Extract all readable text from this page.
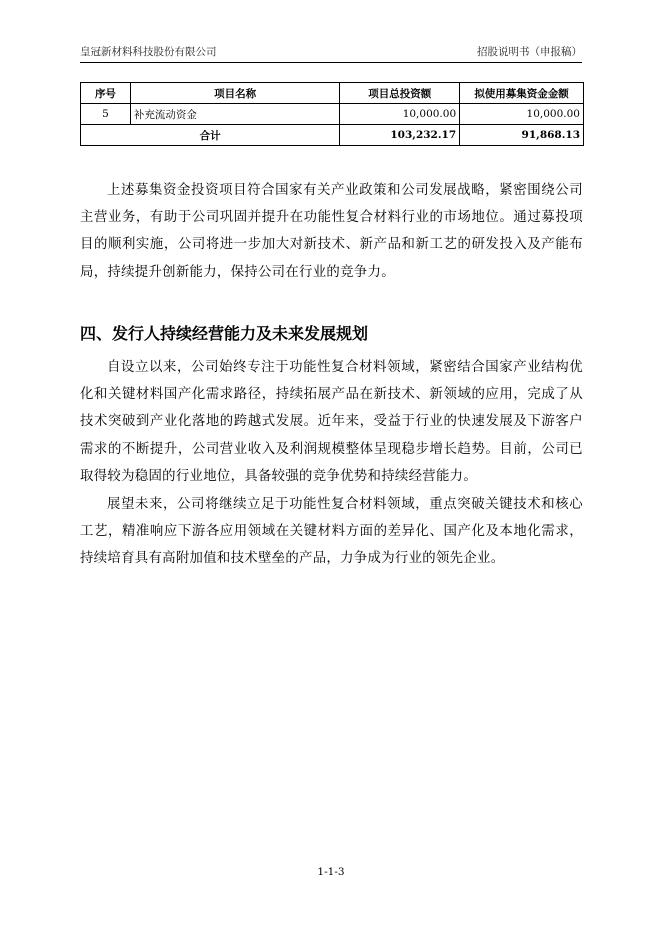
皇冠新材料科技股份有限公司	招股说明书（申报稿）
序号	项目名称	项目总投资额	拟使用募集资金金额
5	补充流动资金	10,000.00	10,000.00
合计		103,232.17	91,868.13

上述募集资金投资项目符合国家有关产业政策和公司发展战略，紧密围绕公司主营业务，有助于公司巩固并提升在功能性复合材料行业的市场地位。通过募投项目的顺利实施，公司将进一步加大对新技术、新产品和新工艺的研发投入及产能布局，持续提升创新能力，保持公司在行业的竞争力。

四、发行人持续经营能力及未来发展规划

自设立以来，公司始终专注于功能性复合材料领域，紧密结合国家产业结构优化和关键材料国产化需求路径，持续拓展产品在新技术、新领域的应用，完成了从技术突破到产业化落地的跨越式发展。近年来，受益于行业的快速发展及下游客户需求的不断提升，公司营业收入及利润规模整体呈现稳步增长趋势。目前，公司已取得较为稳固的行业地位，具备较强的竞争优势和持续经营能力。

展望未来，公司将继续立足于功能性复合材料领域，重点突破关键技术和核心工艺，精准响应下游各应用领域在关键材料方面的差异化、国产化及本地化需求，持续培育具有高附加值和技术壁垒的产品，力争成为行业的领先企业。

1-1-3
